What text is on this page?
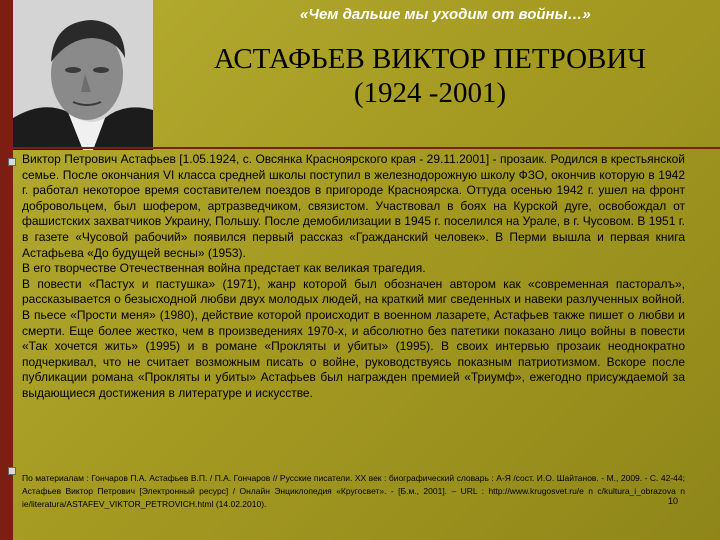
«Чем дальше мы уходим от войны…»
АСТАФЬЕВ ВИКТОР ПЕТРОВИЧ
(1924 -2001)

Виктор Петрович Астафьев [1.05.1924, с. Овсянка Красноярского края - 29.11.2001] - прозаик. Родился в крестьянской семье. После окончания VI класса средней школы поступил в железнодорожную школу ФЗО, окончив которую в 1942 г. работал некоторое время составителем поездов в пригороде Красноярска. Оттуда осенью 1942 г. ушел на фронт добровольцем, был шофером, артразведчиком, связистом. Участвовал в боях на Курской дуге, освобождал от фашистских захватчиков Украину, Польшу. После демобилизации в 1945 г. поселился на Урале, в г. Чусовом. В 1951 г. в газете «Чусовой рабочий» появился первый рассказ «Гражданский человек». В Перми вышла и первая книга Астафьева «До будущей весны» (1953).

В его творчестве Отечественная война предстает как великая трагедия.

В повести «Пастух и пастушка» (1971), жанр которой был обозначен автором как «современная пасторалъ», рассказывается о безысходной любви двух молодых людей, на краткий миг сведенных и навеки разлученных войной. В пьесе «Прости меня» (1980), действие которой происходит в военном лазарете, Астафьев также пишет о любви и смерти. Еще более жестко, чем в произведениях 1970-х, и абсолютно без патетики показано лицо войны в повести «Так хочется жить» (1995) и в романе «Прокляты и убиты» (1995). В своих интервью прозаик неоднократно подчеркивал, что не считает возможным писать о войне, руководствуясь показным патриотизмом. Вскоре после публикации романа «Прокляты и убиты» Астафьев был награжден премией «Триумф», ежегодно присуждаемой за выдающиеся достижения в литературе и искусстве.

По материалам : Гончаров П.А. Астафьев В.П. / П.А. Гончаров // Русские писатели. XX век : биографический словарь : А-Я /сост. И.О. Шайтанов. - М., 2009. - С. 42-44; Астафьев Виктор Петрович [Электронный ресурс] / Онлайн Энциклопедия «Кругосвет». - [Б.м., 2001]. – URL : http://www.krugosvet.ru/e n c/kultura_i_obrazova n ie/literatura/ASTAFEV_VIKTOR_PETROVICH.html (14.02.2010).	10
